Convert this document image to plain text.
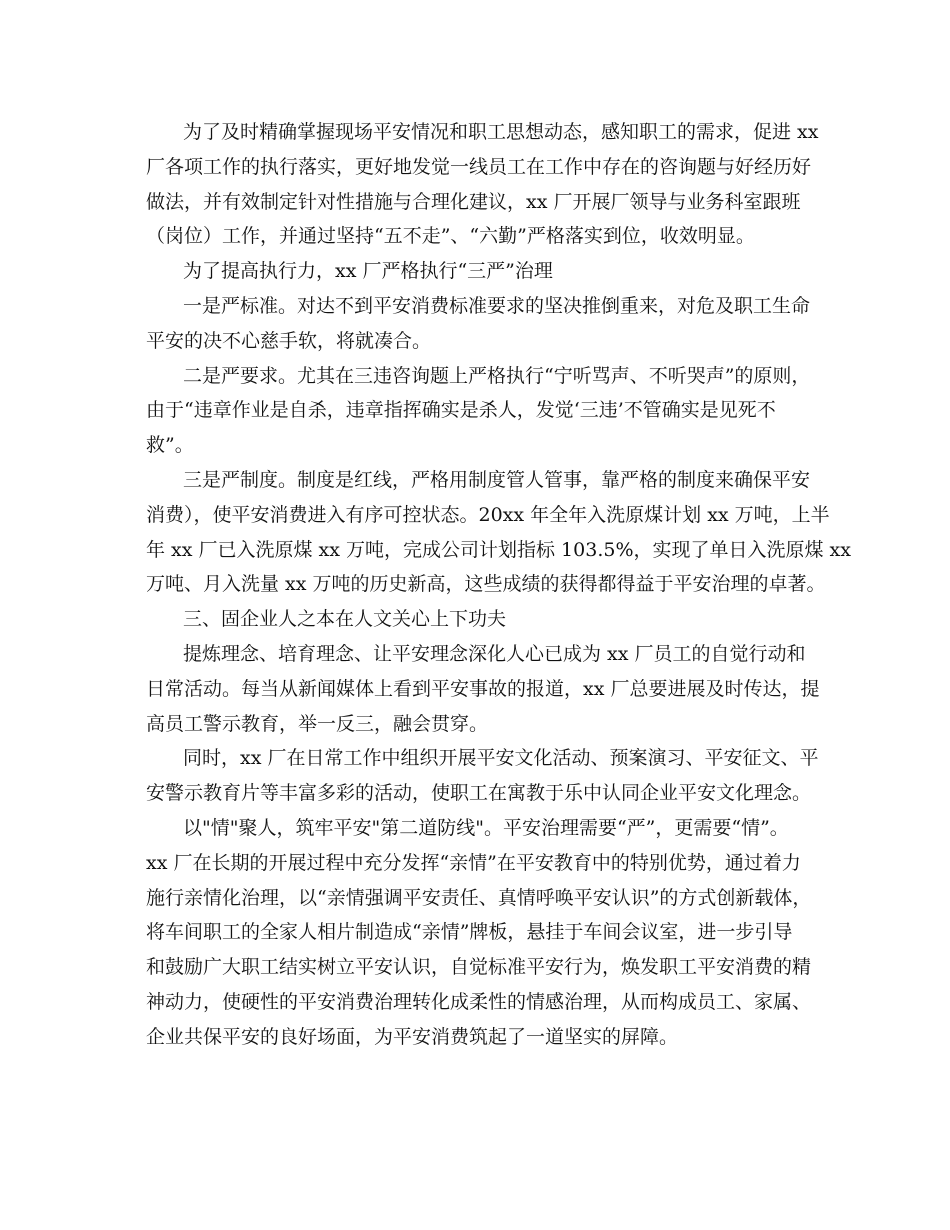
为了及时精确掌握现场平安情况和职工思想动态，感知职工的需求，促进 xx
厂各项工作的执行落实，更好地发觉一线员工在工作中存在的咨询题与好经历好
做法，并有效制定针对性措施与合理化建议，xx 厂开展厂领导与业务科室跟班
（岗位）工作，并通过坚持“五不走”、“六勤”严格落实到位，收效明显。
为了提高执行力，xx 厂严格执行“三严”治理
一是严标准。对达不到平安消费标准要求的坚决推倒重来，对危及职工生命
平安的决不心慈手软，将就凑合。
二是严要求。尤其在三违咨询题上严格执行“宁听骂声、不听哭声”的原则，
由于“违章作业是自杀，违章指挥确实是杀人，发觉‘三违’不管确实是见死不
救”。
三是严制度。制度是红线，严格用制度管人管事，靠严格的制度来确保平安
消费），使平安消费进入有序可控状态。20xx 年全年入洗原煤计划 xx 万吨，上半
年 xx 厂已入洗原煤 xx 万吨，完成公司计划指标 103.5%，实现了单日入洗原煤 xx
万吨、月入洗量 xx 万吨的历史新高，这些成绩的获得都得益于平安治理的卓著。
三、固企业人之本在人文关心上下功夫
提炼理念、培育理念、让平安理念深化人心已成为 xx 厂员工的自觉行动和
日常活动。每当从新闻媒体上看到平安事故的报道，xx 厂总要进展及时传达，提
高员工警示教育，举一反三，融会贯穿。
同时，xx 厂在日常工作中组织开展平安文化活动、预案演习、平安征文、平
安警示教育片等丰富多彩的活动，使职工在寓教于乐中认同企业平安文化理念。
以"情"聚人，筑牢平安"第二道防线"。平安治理需要“严”，更需要“情”。
xx 厂在长期的开展过程中充分发挥“亲情”在平安教育中的特别优势，通过着力
施行亲情化治理，以“亲情强调平安责任、真情呼唤平安认识”的方式创新载体，
将车间职工的全家人相片制造成“亲情”牌板，悬挂于车间会议室，进一步引导
和鼓励广大职工结实树立平安认识，自觉标准平安行为，焕发职工平安消费的精
神动力，使硬性的平安消费治理转化成柔性的情感治理，从而构成员工、家属、
企业共保平安的良好场面，为平安消费筑起了一道坚实的屏障。
